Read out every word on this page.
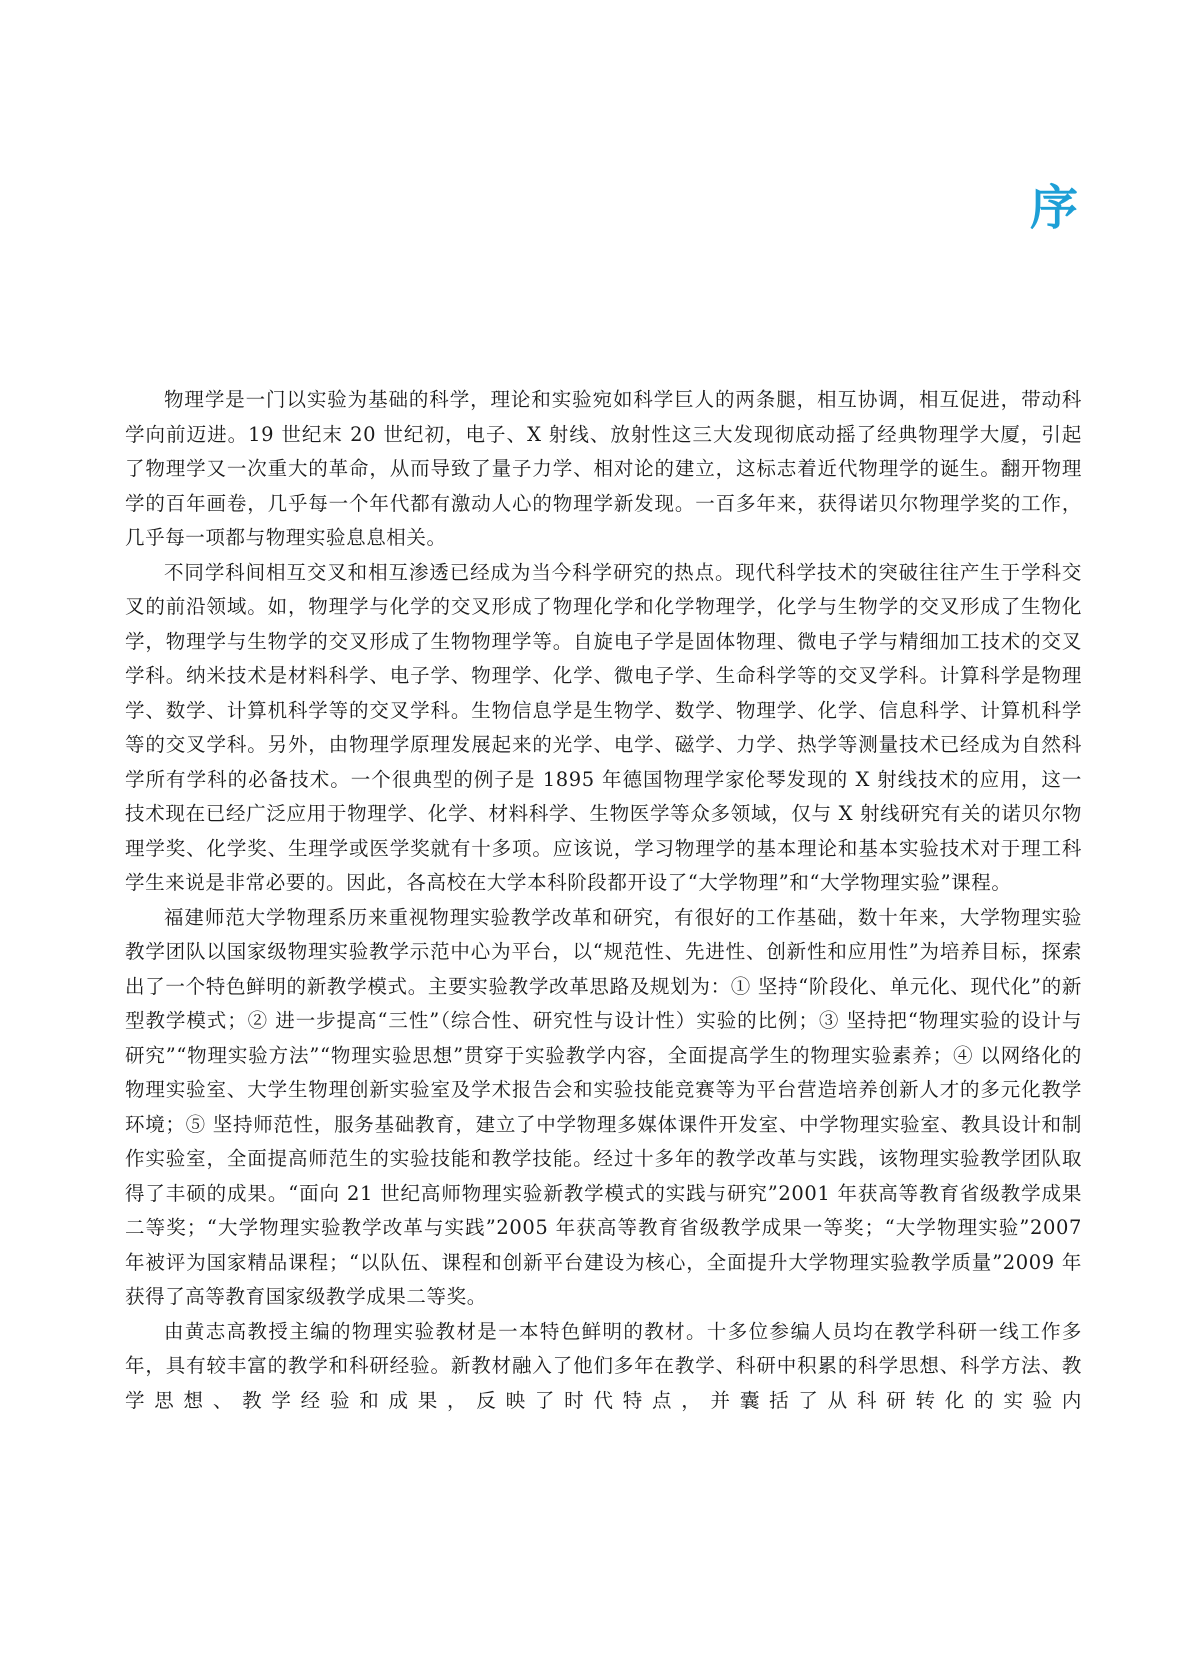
序

物理学是一门以实验为基础的科学，理论和实验宛如科学巨人的两条腿，相互协调，相互促进，带动科学向前迈进。19 世纪末 20 世纪初，电子、X 射线、放射性这三大发现彻底动摇了经典物理学大厦，引起了物理学又一次重大的革命，从而导致了量子力学、相对论的建立，这标志着近代物理学的诞生。翻开物理学的百年画卷，几乎每一个年代都有激动人心的物理学新发现。一百多年来，获得诺贝尔物理学奖的工作，几乎每一项都与物理实验息息相关。

不同学科间相互交叉和相互渗透已经成为当今科学研究的热点。现代科学技术的突破往往产生于学科交叉的前沿领域。如，物理学与化学的交叉形成了物理化学和化学物理学，化学与生物学的交叉形成了生物化学，物理学与生物学的交叉形成了生物物理学等。自旋电子学是固体物理、微电子学与精细加工技术的交叉学科。纳米技术是材料科学、电子学、物理学、化学、微电子学、生命科学等的交叉学科。计算科学是物理学、数学、计算机科学等的交叉学科。生物信息学是生物学、数学、物理学、化学、信息科学、计算机科学等的交叉学科。另外，由物理学原理发展起来的光学、电学、磁学、力学、热学等测量技术已经成为自然科学所有学科的必备技术。一个很典型的例子是 1895 年德国物理学家伦琴发现的 X 射线技术的应用，这一技术现在已经广泛应用于物理学、化学、材料科学、生物医学等众多领域，仅与 X 射线研究有关的诺贝尔物理学奖、化学奖、生理学或医学奖就有十多项。应该说，学习物理学的基本理论和基本实验技术对于理工科学生来说是非常必要的。因此，各高校在大学本科阶段都开设了“大学物理”和“大学物理实验”课程。

福建师范大学物理系历来重视物理实验教学改革和研究，有很好的工作基础，数十年来，大学物理实验教学团队以国家级物理实验教学示范中心为平台，以“规范性、先进性、创新性和应用性”为培养目标，探索出了一个特色鲜明的新教学模式。主要实验教学改革思路及规划为：① 坚持“阶段化、单元化、现代化”的新型教学模式；② 进一步提高“三性”（综合性、研究性与设计性）实验的比例；③ 坚持把“物理实验的设计与研究”“物理实验方法”“物理实验思想”贯穿于实验教学内容，全面提高学生的物理实验素养；④ 以网络化的物理实验室、大学生物理创新实验室及学术报告会和实验技能竞赛等为平台营造培养创新人才的多元化教学环境；⑤ 坚持师范性，服务基础教育，建立了中学物理多媒体课件开发室、中学物理实验室、教具设计和制作实验室，全面提高师范生的实验技能和教学技能。经过十多年的教学改革与实践，该物理实验教学团队取得了丰硕的成果。“面向 21 世纪高师物理实验新教学模式的实践与研究”2001 年获高等教育省级教学成果二等奖；“大学物理实验教学改革与实践”2005 年获高等教育省级教学成果一等奖；“大学物理实验”2007 年被评为国家精品课程；“以队伍、课程和创新平台建设为核心，全面提升大学物理实验教学质量”2009 年获得了高等教育国家级教学成果二等奖。

由黄志高教授主编的物理实验教材是一本特色鲜明的教材。十多位参编人员均在教学科研一线工作多年，具有较丰富的教学和科研经验。新教材融入了他们多年在教学、科研中积累的科学思想、科学方法、教学思想、教学经验和成果，反映了时代特点，并囊括了从科研转化的实验内
